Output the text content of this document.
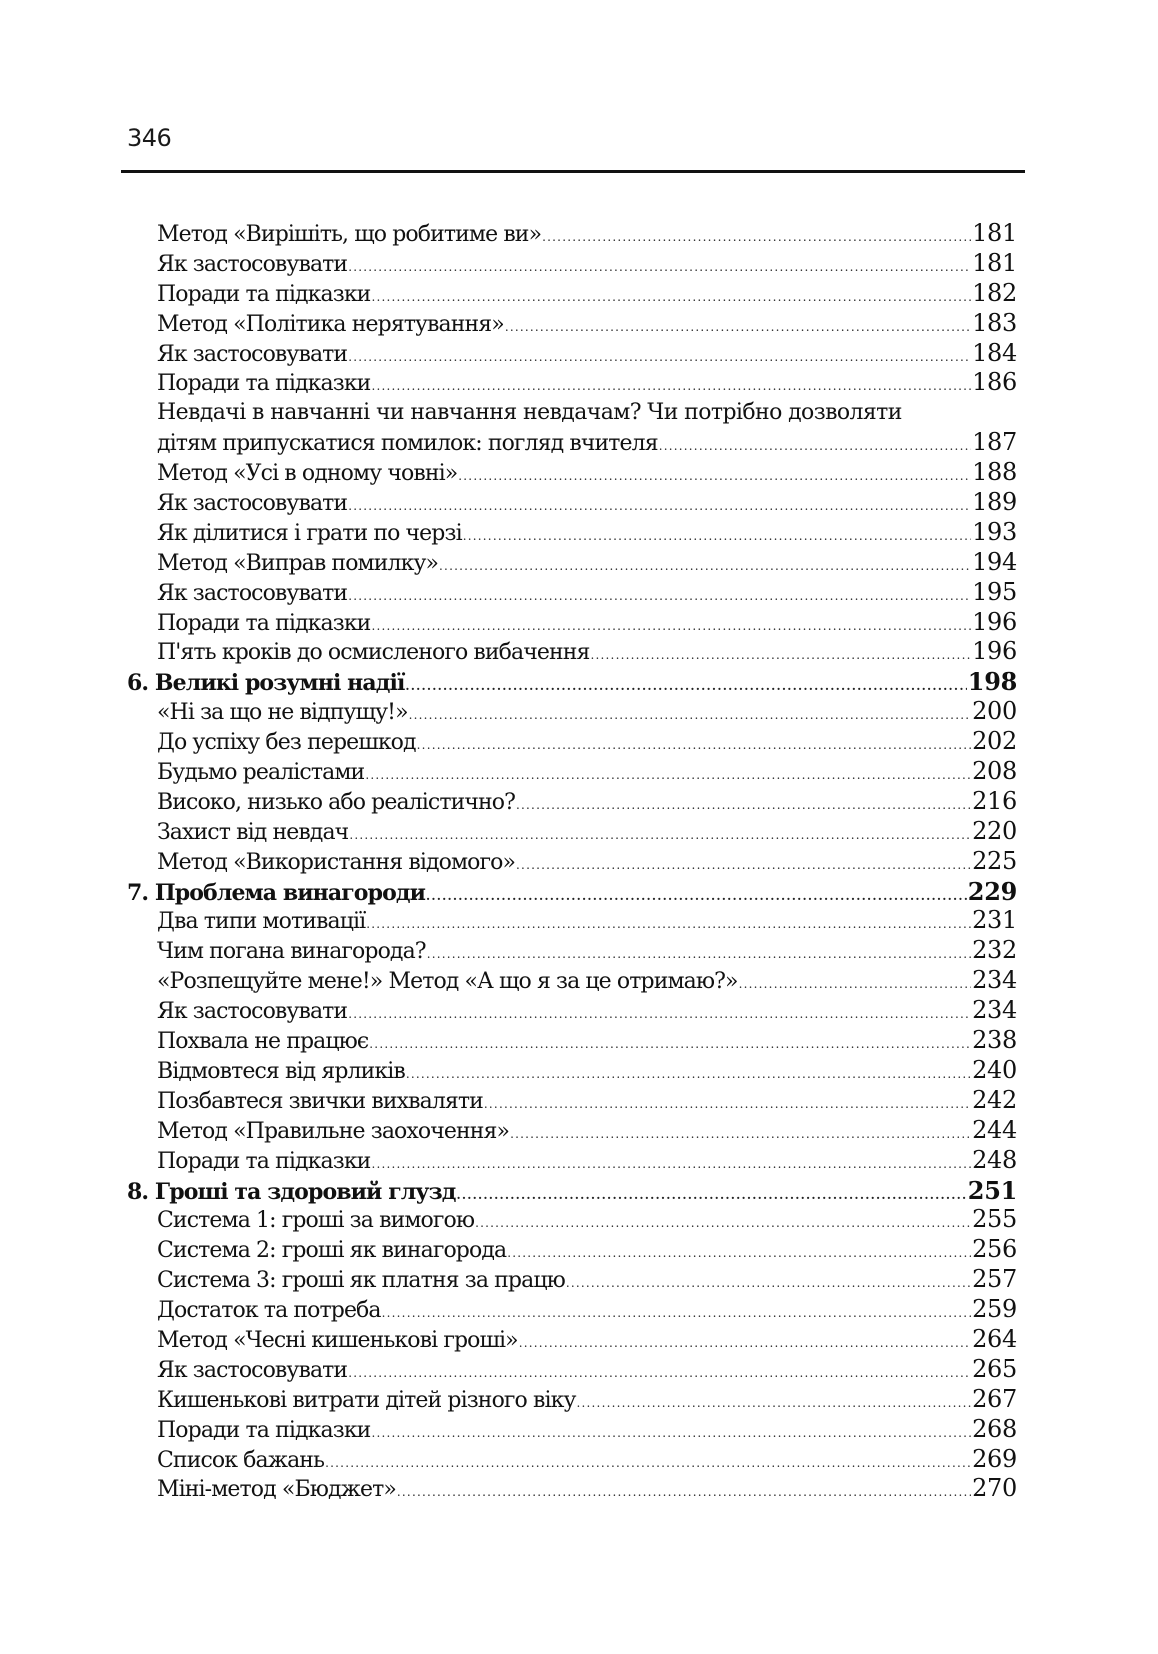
346
Метод «Вирішіть, що робитиме ви» .....	181
Як застосовувати .....	181
Поради та підказки .....	182
Метод «Політика нерятування» .....	183
Як застосовувати .....	184
Поради та підказки .....	186
Невдачі в навчанні чи навчання невдачам? Чи потрібно дозволяти
дітям припускатися помилок: погляд вчителя .....	187
Метод «Усі в одному човні» .....	188
Як застосовувати .....	189
Як ділитися і грати по черзі .....	193
Метод «Виправ помилку» .....	194
Як застосовувати .....	195
Поради та підказки .....	196
П'ять кроків до осмисленого вибачення .....	196
6. Великі розумні надії .....	198
«Ні за що не відпущу!» .....	200
До успіху без перешкод .....	202
Будьмо реалістами .....	208
Високо, низько або реалістично? .....	216
Захист від невдач .....	220
Метод «Використання відомого» .....	225
7. Проблема винагороди .....	229
Два типи мотивації .....	231
Чим погана винагорода? .....	232
«Розпещуйте мене!» Метод «А що я за це отримаю?» .....	234
Як застосовувати .....	234
Похвала не працює .....	238
Відмовтеся від ярликів .....	240
Позбавтеся звички вихваляти .....	242
Метод «Правильне заохочення» .....	244
Поради та підказки .....	248
8. Гроші та здоровий глузд .....	251
Система 1: гроші за вимогою .....	255
Система 2: гроші як винагорода .....	256
Система 3: гроші як платня за працю .....	257
Достаток та потреба .....	259
Метод «Чесні кишенькові гроші» .....	264
Як застосовувати .....	265
Кишенькові витрати дітей різного віку .....	267
Поради та підказки .....	268
Список бажань .....	269
Міні-метод «Бюджет» .....	270
